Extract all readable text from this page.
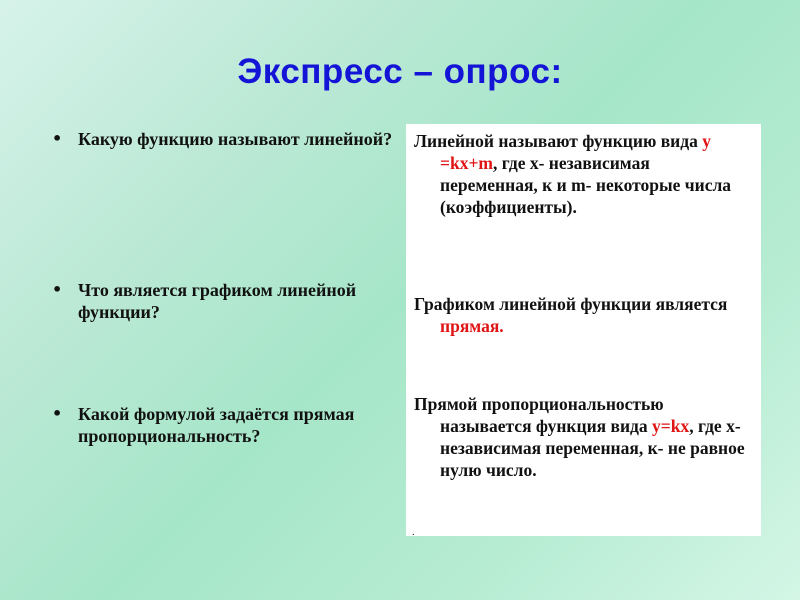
Экспресс – опрос:
• Какую функцию называют линейной?
• Что является графиком линейной функции?
• Какой формулой задаётся прямая пропорциональность?
Линейной называют функцию вида у =kx+m, где x- независимая переменная, к и m- некоторые числа (коэффициенты).
Графиком линейной функции является прямая.
Прямой пропорциональностью называется функция вида у=kx, где x- независимая переменная, к- не равное нулю число.
.
